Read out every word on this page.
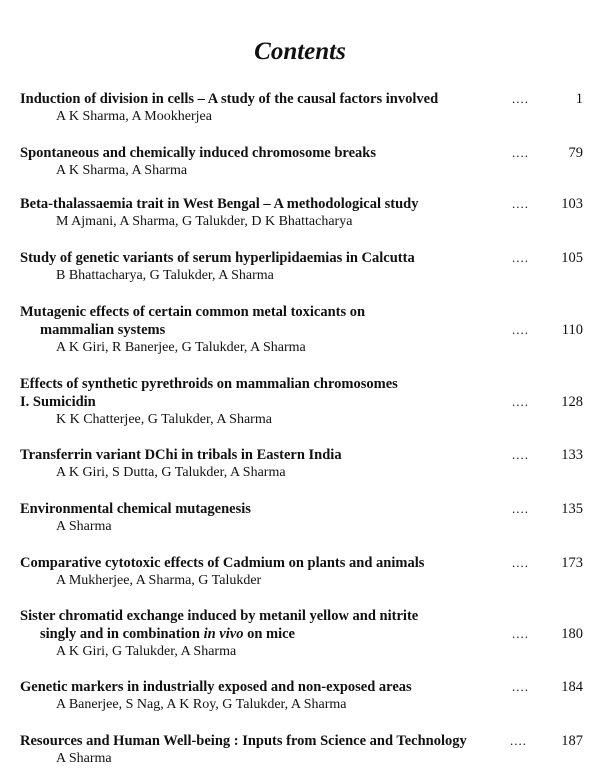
Contents
Induction of division in cells – A study of the causal factors involved	....	1
A K Sharma, A Mookherjea
Spontaneous and chemically induced chromosome breaks	....	79
A K Sharma, A Sharma
Beta-thalassaemia trait in West Bengal – A methodological study	.... 103
M Ajmani, A Sharma, G Talukder, D K Bhattacharya
Study of genetic variants of serum hyperlipidaemias in Calcutta	.... 105
B Bhattacharya, G Talukder, A Sharma
Mutagenic effects of certain common metal toxicants on
mammalian systems	.... 110
A K Giri, R Banerjee, G Talukder, A Sharma
Effects of synthetic pyrethroids on mammalian chromosomes
I. Sumicidin	.... 128
K K Chatterjee, G Talukder, A Sharma
Transferrin variant DChi in tribals in Eastern India	.... 133
A K Giri, S Dutta, G Talukder, A Sharma
Environmental chemical mutagenesis	.... 135
A Sharma
Comparative cytotoxic effects of Cadmium on plants and animals	.... 173
A Mukherjee, A Sharma, G Talukder
Sister chromatid exchange induced by metanil yellow and nitrite
singly and in combination in vivo on mice	.... 180
A K Giri, G Talukder, A Sharma
Genetic markers in industrially exposed and non-exposed areas	.... 184
A Banerjee, S Nag, A K Roy, G Talukder, A Sharma
Resources and Human Well-being : Inputs from Science and Technology	.... 187
A Sharma
